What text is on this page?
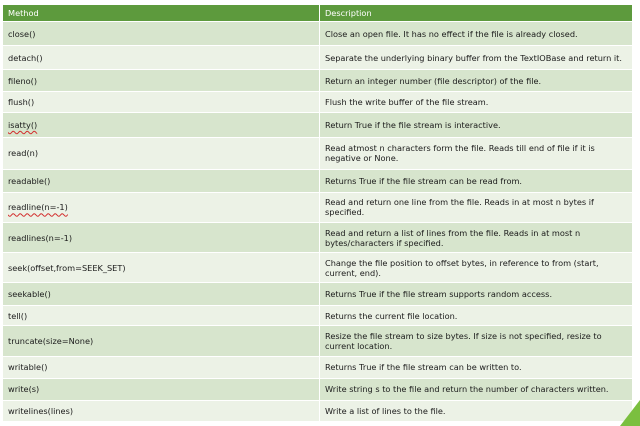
Method	Description
close()	Close an open file. It has no effect if the file is already closed.
detach()	Separate the underlying binary buffer from the TextIOBase and return it.
fileno()	Return an integer number (file descriptor) of the file.
flush()	Flush the write buffer of the file stream.
isatty()	Return True if the file stream is interactive.
read(n)	Read atmost n characters form the file. Reads till end of file if it is negative or None.
readable()	Returns True if the file stream can be read from.
readline(n=-1)	Read and return one line from the file. Reads in at most n bytes if specified.
readlines(n=-1)	Read and return a list of lines from the file. Reads in at most n bytes/characters if specified.
seek(offset,from=SEEK_SET)	Change the file position to offset bytes, in reference to from (start, current, end).
seekable()	Returns True if the file stream supports random access.
tell()	Returns the current file location.
truncate(size=None)	Resize the file stream to size bytes. If size is not specified, resize to current location.
writable()	Returns True if the file stream can be written to.
write(s)	Write string s to the file and return the number of characters written.
writelines(lines)	Write a list of lines to the file.
